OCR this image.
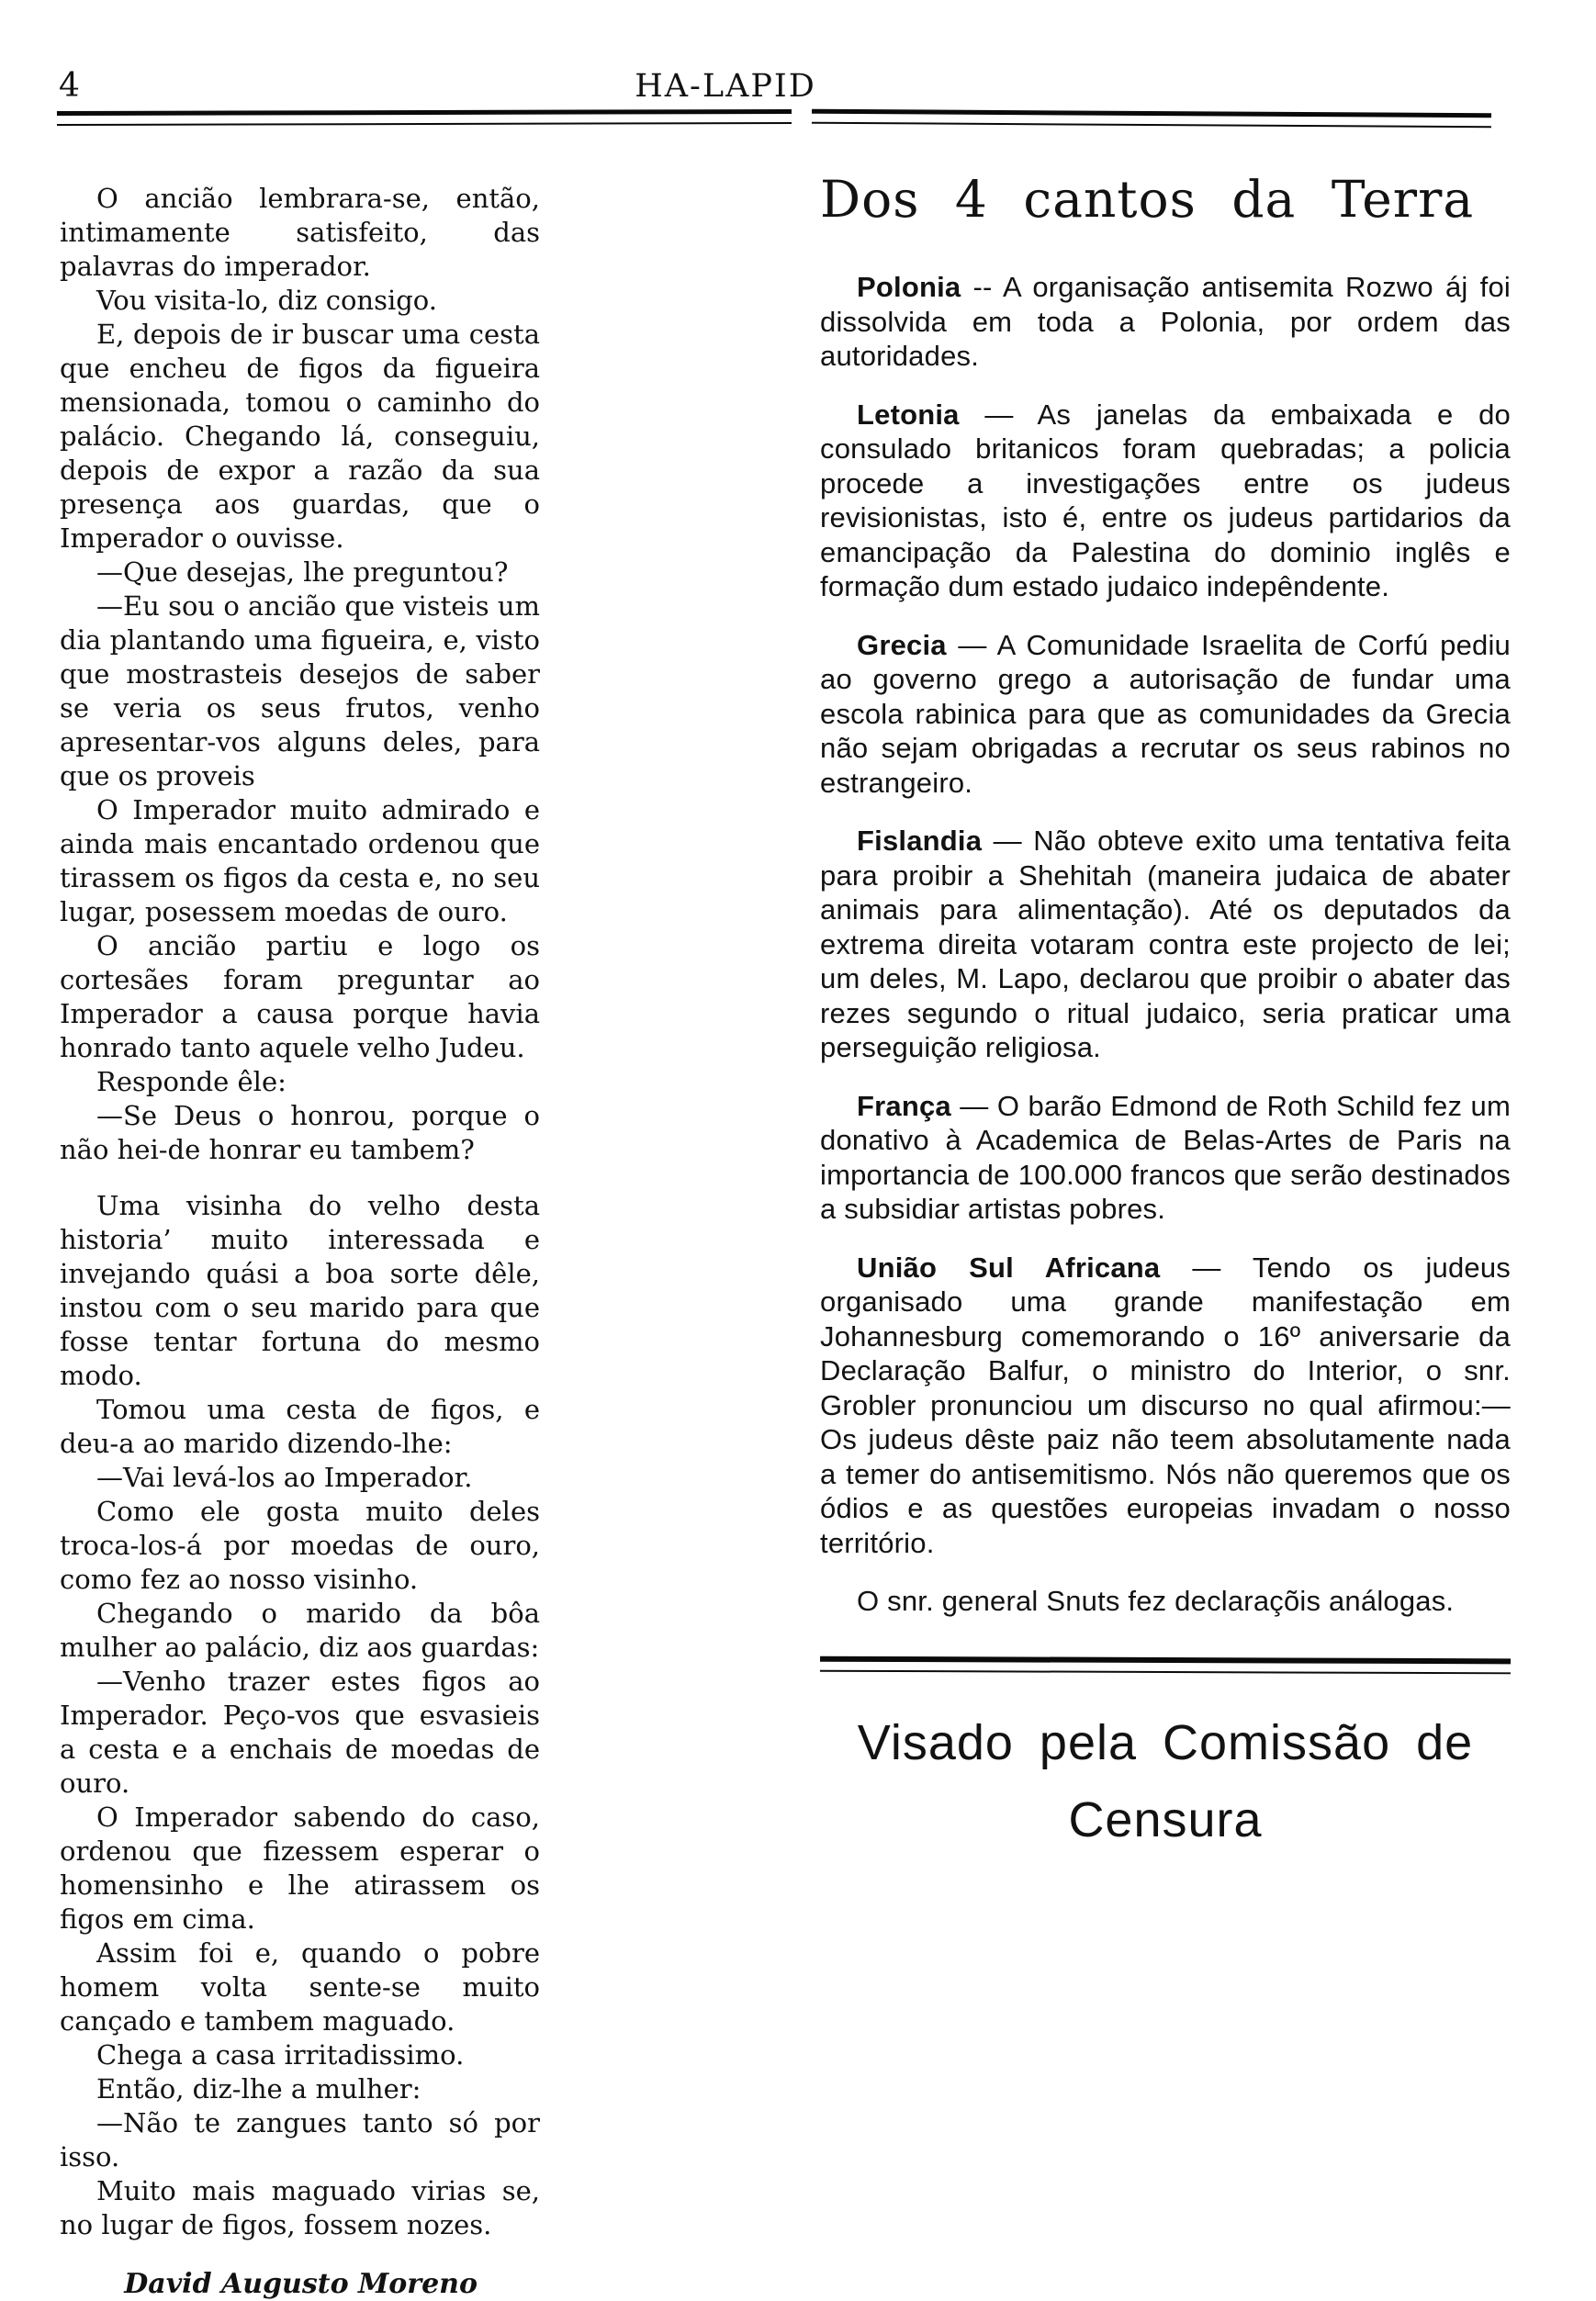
4	HA-LAPID

O ancião lembrara-se, então, intimamente satisfeito, das palavras do imperador.

Vou visita-lo, diz consigo.

E, depois de ir buscar uma cesta que encheu de figos da figueira mensionada, tomou o caminho do palácio. Chegando lá, conseguiu, depois de expor a razão da sua presença aos guardas, que o Imperador o ouvisse.

—Que desejas, lhe preguntou?

—Eu sou o ancião que visteis um dia plantando uma figueira, e, visto que mostrasteis desejos de saber se veria os seus frutos, venho apresentar-vos alguns deles, para que os proveis

O Imperador muito admirado e ainda mais encantado ordenou que tirassem os figos da cesta e, no seu lugar, posessem moedas de ouro.

O ancião partiu e logo os cortesães foram preguntar ao Imperador a causa porque havia honrado tanto aquele velho Judeu.

Responde êle:

—Se Deus o honrou, porque o não hei-de honrar eu tambem?

Uma visinha do velho desta historia’ muito interessada e invejando quási a boa sorte dêle, instou com o seu marido para que fosse tentar fortuna do mesmo modo.

Tomou uma cesta de figos, e deu-a ao marido dizendo-lhe:

—Vai levá-los ao Imperador.

Como ele gosta muito deles troca-los-á por moedas de ouro, como fez ao nosso visinho.

Chegando o marido da bôa mulher ao palácio, diz aos guardas:

—Venho trazer estes figos ao Imperador. Peço-vos que esvasieis a cesta e a enchais de moedas de ouro.

O Imperador sabendo do caso, ordenou que fizessem esperar o homensinho e lhe atirassem os figos em cima.

Assim foi e, quando o pobre homem volta sente-se muito cançado e tambem maguado.

Chega a casa irritadissimo.

Então, diz-lhe a mulher:

—Não te zangues tanto só por isso.

Muito mais maguado virias se, no lugar de figos, fossem nozes.

David Augusto Moreno

Dos 4 cantos da Terra

Polonia -- A organisação antisemita Rozwo áj foi dissolvida em toda a Polonia, por ordem das autoridades.

Letonia — As janelas da embaixada e do consulado britanicos foram quebradas; a policia procede a investigações entre os judeus revisionistas, isto é, entre os judeus partidarios da emancipação da Palestina do dominio inglês e formação dum estado judaico indepêndente.

Grecia — A Comunidade Israelita de Corfú pediu ao governo grego a autorisação de fundar uma escola rabinica para que as comunidades da Grecia não sejam obrigadas a recrutar os seus rabinos no estrangeiro.

Fislandia — Não obteve exito uma tentativa feita para proibir a Shehitah (maneira judaica de abater animais para alimentação). Até os deputados da extrema direita votaram contra este projecto de lei; um deles, M. Lapo, declarou que proibir o abater das rezes segundo o ritual judaico, seria praticar uma perseguição religiosa.

França — O barão Edmond de Roth Schild fez um donativo à Academica de Belas-Artes de Paris na importancia de 100.000 francos que serão destinados a subsidiar artistas pobres.

União Sul Africana — Tendo os judeus organisado uma grande manifestação em Johannesburg comemorando o 16º aniversarie da Declaração Balfur, o ministro do Interior, o snr. Grobler pronunciou um discurso no qual afirmou:—Os judeus dêste paiz não teem absolutamente nada a temer do antisemitismo. Nós não queremos que os ódios e as questões europeias invadam o nosso território.

O snr. general Snuts fez declaraçõis análogas.

Visado pela Comissão de Censura
